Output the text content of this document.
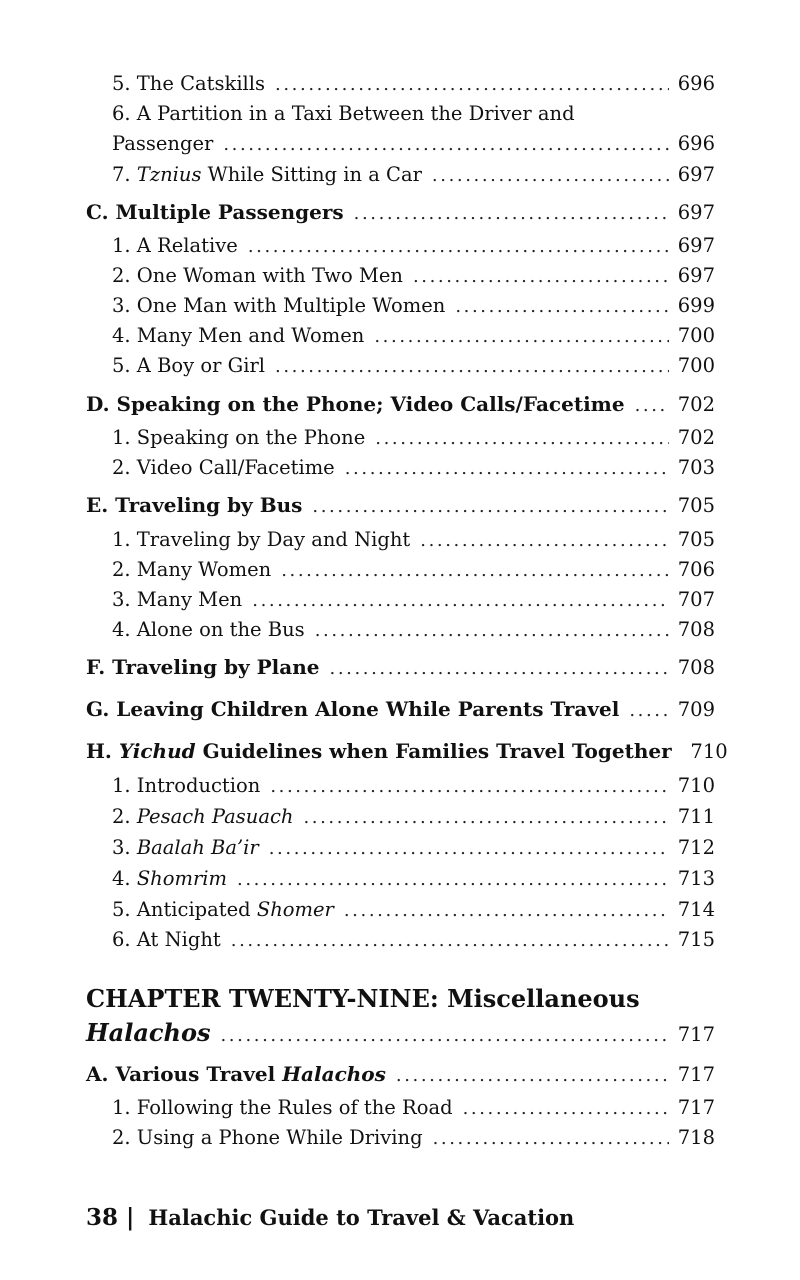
5. The Catskills .....	696
6. A Partition in a Taxi Between the Driver and
Passenger .....	696
7. Tznius While Sitting in a Car .....	697
C. Multiple Passengers .....	697
1. A Relative .....	697
2. One Woman with Two Men .....	697
3. One Man with Multiple Women .....	699
4. Many Men and Women .....	700
5. A Boy or Girl .....	700
D. Speaking on the Phone; Video Calls/Facetime .....	702
1. Speaking on the Phone .....	702
2. Video Call/Facetime .....	703
E. Traveling by Bus .....	705
1. Traveling by Day and Night .....	705
2. Many Women .....	706
3. Many Men .....	707
4. Alone on the Bus .....	708
F. Traveling by Plane .....	708
G. Leaving Children Alone While Parents Travel .....	709
H. Yichud Guidelines when Families Travel Together 710
1. Introduction .....	710
2. Pesach Pasuach .....	711
3. Baalah Ba’ir .....	712
4. Shomrim .....	713
5. Anticipated Shomer .....	714
6. At Night .....	715
CHAPTER TWENTY-NINE: Miscellaneous
Halachos .....	717
A. Various Travel Halachos .....	717
1. Following the Rules of the Road .....	717
2. Using a Phone While Driving .....	718
38 | Halachic Guide to Travel & Vacation
